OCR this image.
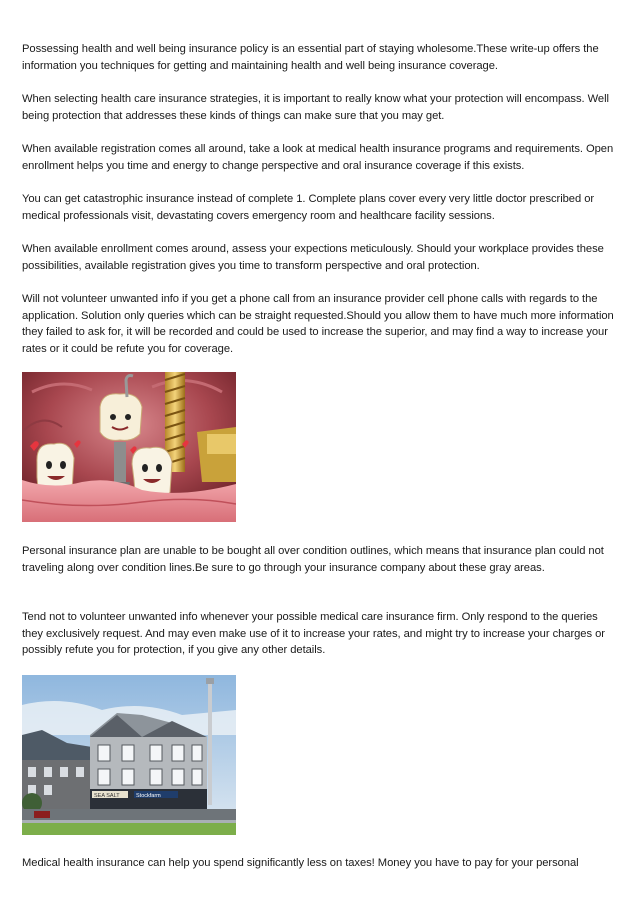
Possessing health and well being insurance policy is an essential part of staying wholesome.These write-up offers the information you techniques for getting and maintaining health and well being insurance coverage.

When selecting health care insurance strategies, it is important to really know what your protection will encompass. Well being protection that addresses these kinds of things can make sure that you may get.

When available registration comes all around, take a look at medical health insurance programs and requirements. Open enrollment helps you time and energy to change perspective and oral insurance coverage if this exists.

You can get catastrophic insurance instead of complete 1. Complete plans cover every very little doctor prescribed or medical professionals visit, devastating covers emergency room and healthcare facility sessions.

When available enrollment comes around, assess your expections meticulously. Should your workplace provides these possibilities, available registration gives you time to transform perspective and oral protection.

Will not volunteer unwanted info if you get a phone call from an insurance provider cell phone calls with regards to the application. Solution only queries which can be straight requested.Should you allow them to have much more information they failed to ask for, it will be recorded and could be used to increase the superior, and may find a way to increase your rates or it could be refute you for coverage.

Personal insurance plan are unable to be bought all over condition outlines, which means that insurance plan could not traveling along over condition lines.Be sure to go through your insurance company about these gray areas.

Tend not to volunteer unwanted info whenever your possible medical care insurance firm. Only respond to the queries they exclusively request. And may even make use of it to increase your rates, and might try to increase your charges or possibly refute you for protection, if you give any other details.

SEA SALT	Stockfarm

Medical health insurance can help you spend significantly less on taxes! Money you have to pay for your personal
